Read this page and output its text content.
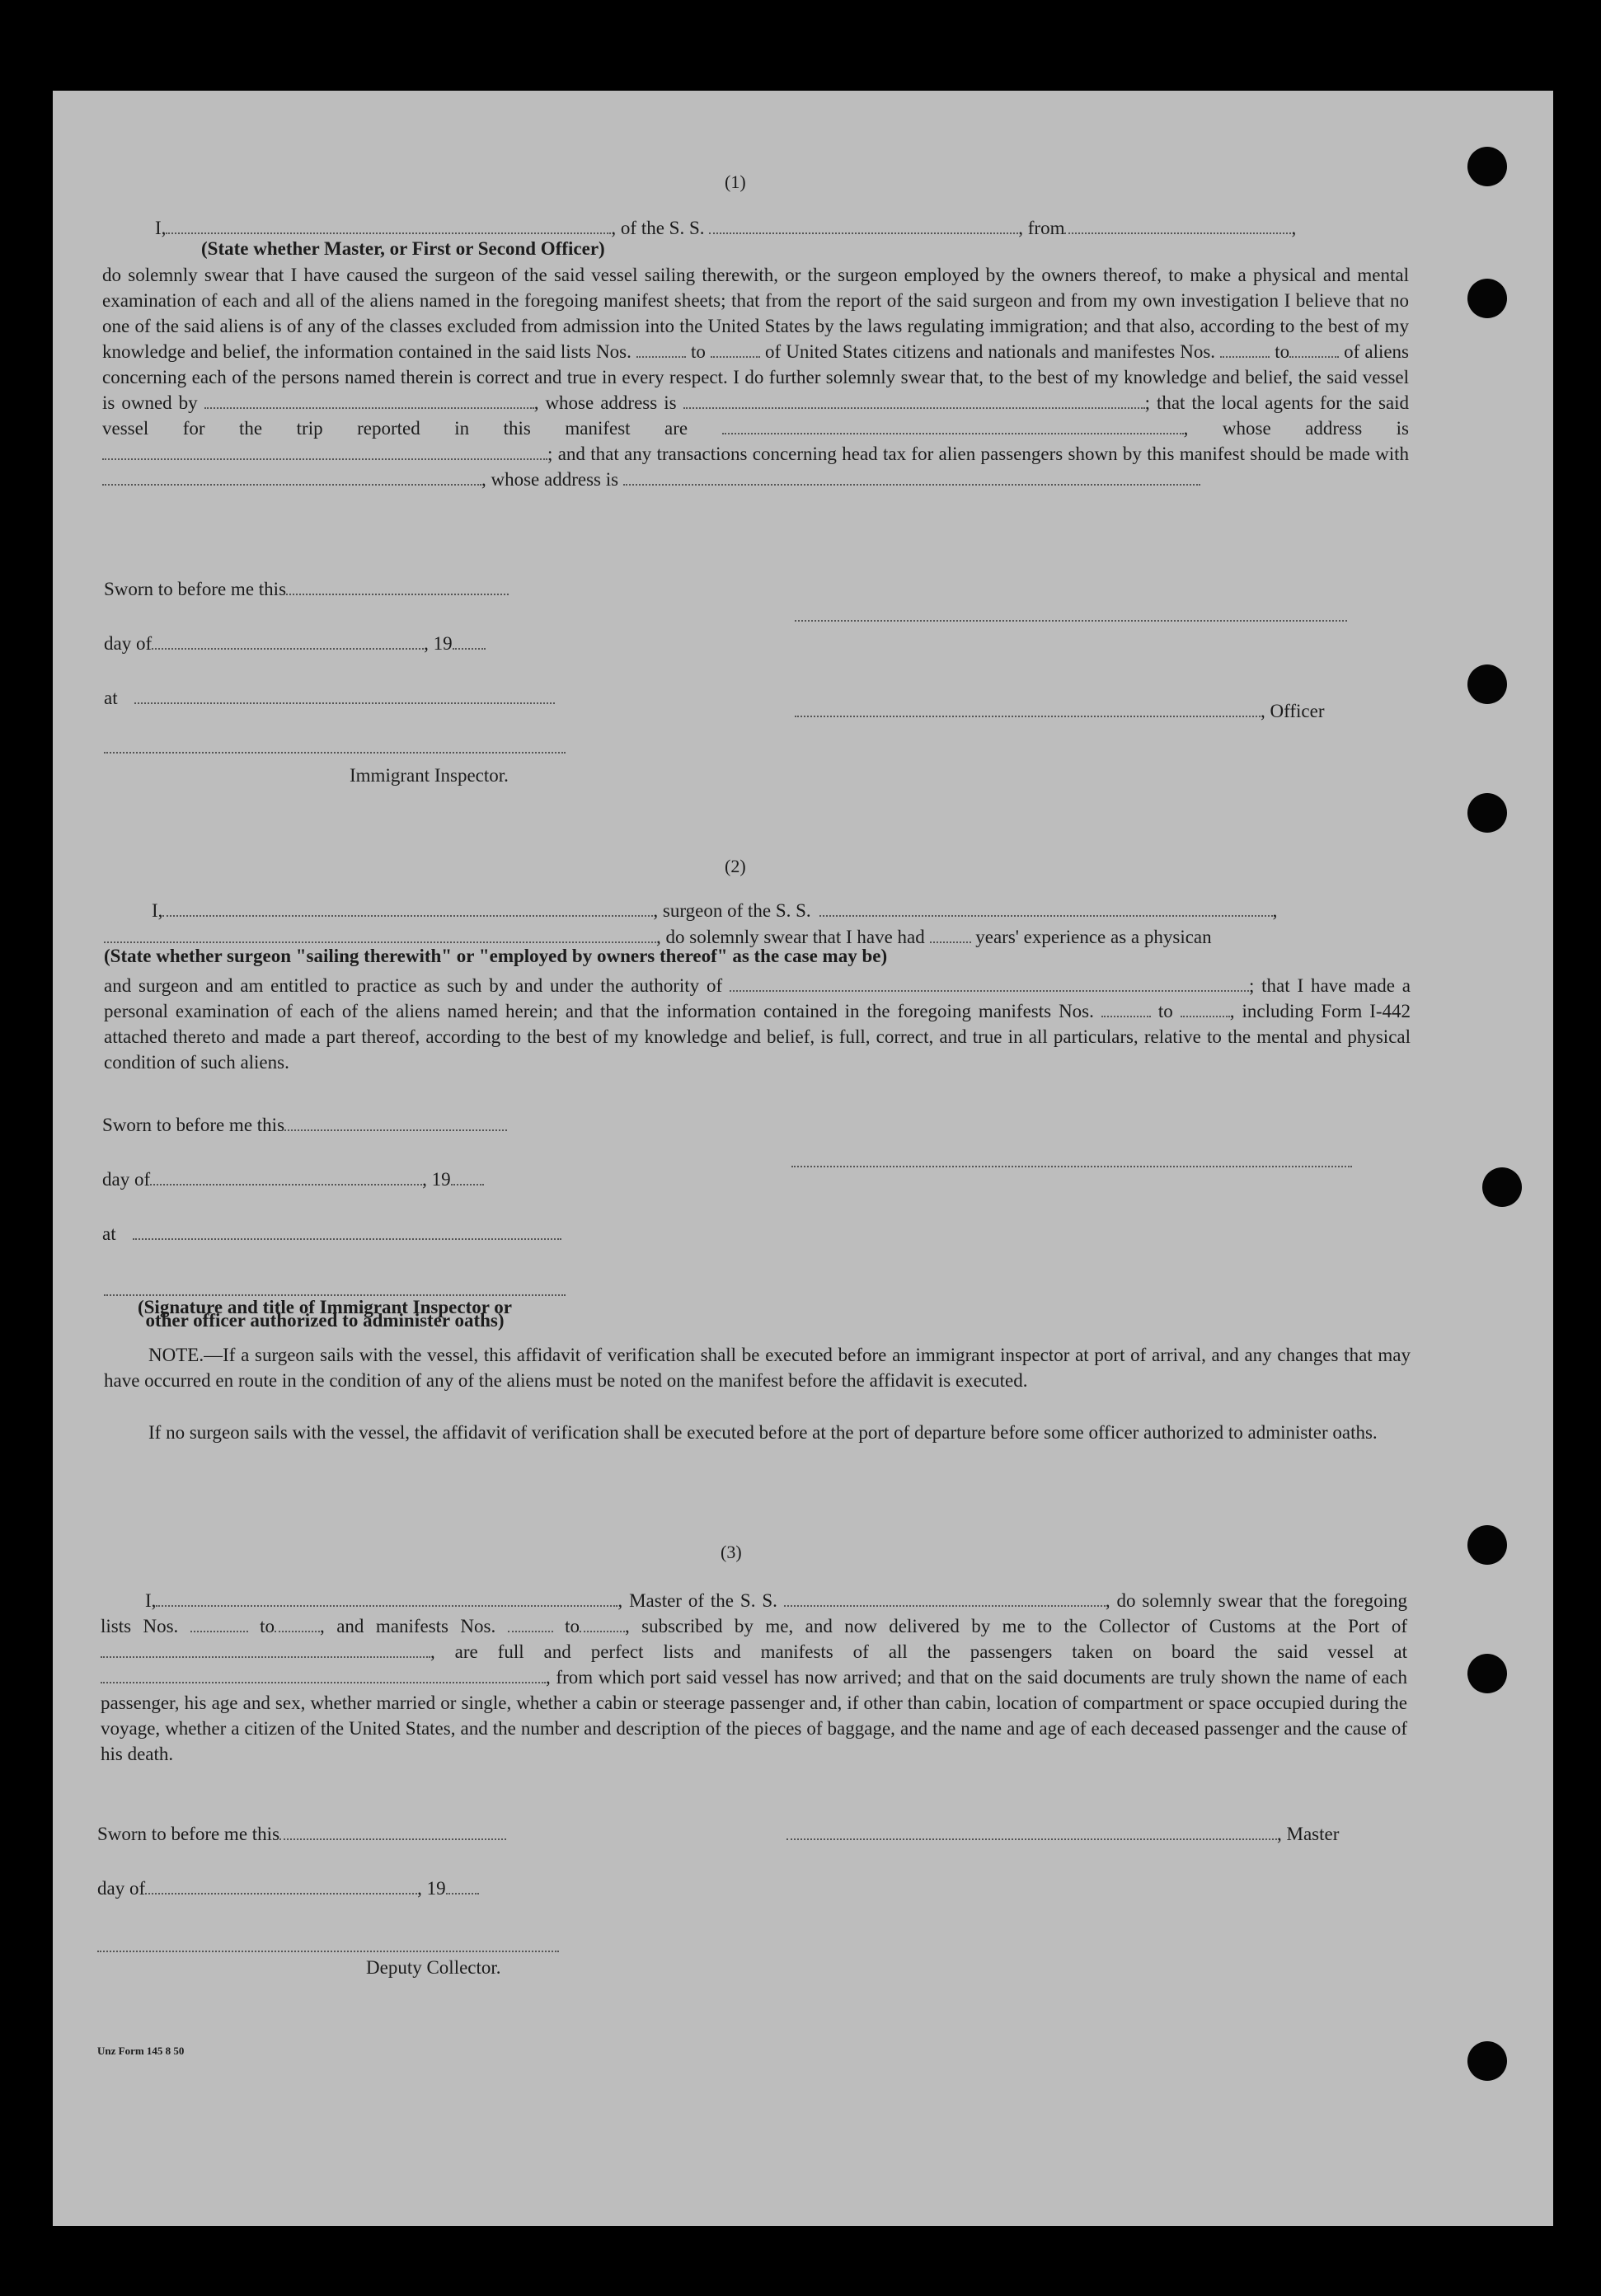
(1)
I,	, of the S. S.	, from	,
(State whether Master, or First or Second Officer)
do solemnly swear that I have caused the surgeon of the said vessel sailing therewith, or the surgeon employed by the owners thereof, to make a physical and mental examination of each and all of the aliens named in the foregoing manifest sheets; that from the report of the said surgeon and from my own investigation I believe that no one of the said aliens is of any of the classes excluded from admission into the United States by the laws regulating immigration; and that also, according to the best of my knowledge and belief, the information contained in the said lists Nos.	to	of United States citizens and nationals and manifestes Nos.	to	of aliens concerning each of the persons named therein is correct and true in every respect. I do further solemnly swear that, to the best of my knowledge and belief, the said vessel is owned by	, whose address is	; that the local agents for the said vessel for the trip reported in this manifest are	, whose address is ; and that any transactions concerning head tax for alien passengers shown by this manifest should be made with , whose address is
Sworn to before me this
day of	, 19
at
, Officer
Immigrant Inspector.
(2)
I,	, surgeon of the S. S.	,
, do solemnly swear that I have had	years' experience as a physican
(State whether surgeon "sailing therewith" or "employed by owners thereof" as the case may be)
and surgeon and am entitled to practice as such by and under the authority of	; that I have made a personal examination of each of the aliens named herein; and that the information contained in the foregoing manifests Nos.	to	, including Form I-442 attached thereto and made a part thereof, according to the best of my knowledge and belief, is full, correct, and true in all particulars, relative to the mental and physical condition of such aliens.
Sworn to before me this
day of	, 19
at
(Signature and title of Immigrant Inspector or other officer authorized to administer oaths)
NOTE.—If a surgeon sails with the vessel, this affidavit of verification shall be executed before an immigrant inspector at port of arrival, and any changes that may have occurred en route in the condition of any of the aliens must be noted on the manifest before the affidavit is executed.
If no surgeon sails with the vessel, the affidavit of verification shall be executed before at the port of departure before some officer authorized to administer oaths.
(3)
I,	, Master of the S. S.	, do solemnly swear that the foregoing lists Nos.	to , and manifests Nos.	to , subscribed by me, and now delivered by me to the Collector of Customs at the Port of , are full and perfect lists and manifests of all the passengers taken on board the said vessel at , from which port said vessel has now arrived; and that on the said documents are truly shown the name of each passenger, his age and sex, whether married or single, whether a cabin or steerage passenger and, if other than cabin, location of compartment or space occupied during the voyage, whether a citizen of the United States, and the number and description of the pieces of baggage, and the name and age of each deceased passenger and the cause of his death.
Sworn to before me this	, Master
day of	, 19
Deputy Collector.
Unz Form 145 8 50
